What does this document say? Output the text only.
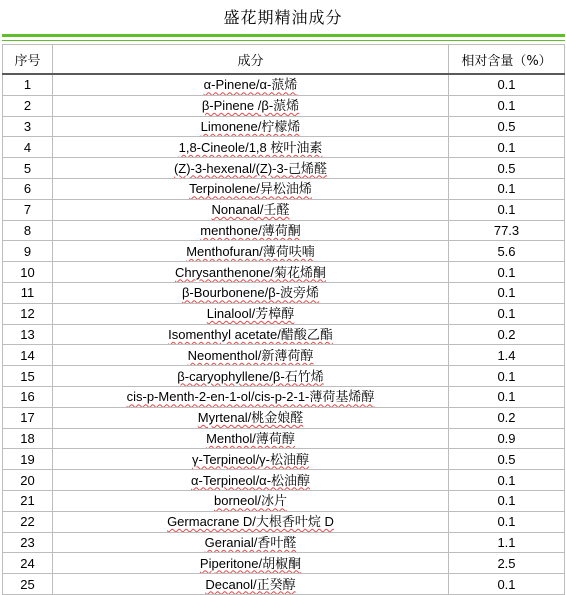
盛花期精油成分
序号	成分	相对含量（%）
1	α-Pinene/α-蒎烯	0.1
2	β-Pinene /β-蒎烯	0.1
3	Limonene/柠檬烯	0.5
4	1,8-Cineole/1,8 桉叶油素	0.1
5	(Z)-3-hexenal/(Z)-3-己烯醛	0.5
6	Terpinolene/异松油烯	0.1
7	Nonanal/壬醛	0.1
8	menthone/薄荷酮	77.3
9	Menthofuran/薄荷呋喃	5.6
10	Chrysanthenone/菊花烯酮	0.1
11	β-Bourbonene/β-波旁烯	0.1
12	Linalool/芳樟醇	0.1
13	Isomenthyl acetate/醋酸乙酯	0.2
14	Neomenthol/新薄荷醇	1.4
15	β-caryophyllene/β-石竹烯	0.1
16	cis-p-Menth-2-en-1-ol/cis-p-2-1-薄荷基烯醇	0.1
17	Myrtenal/桃金娘醛	0.2
18	Menthol/薄荷醇	0.9
19	γ-Terpineol/γ-松油醇	0.5
20	α-Terpineol/α-松油醇	0.1
21	borneol/冰片	0.1
22	Germacrane D/大根香叶烷 D	0.1
23	Geranial/香叶醛	1.1
24	Piperitone/胡椒酮	2.5
25	Decanol/正癸醇	0.1
